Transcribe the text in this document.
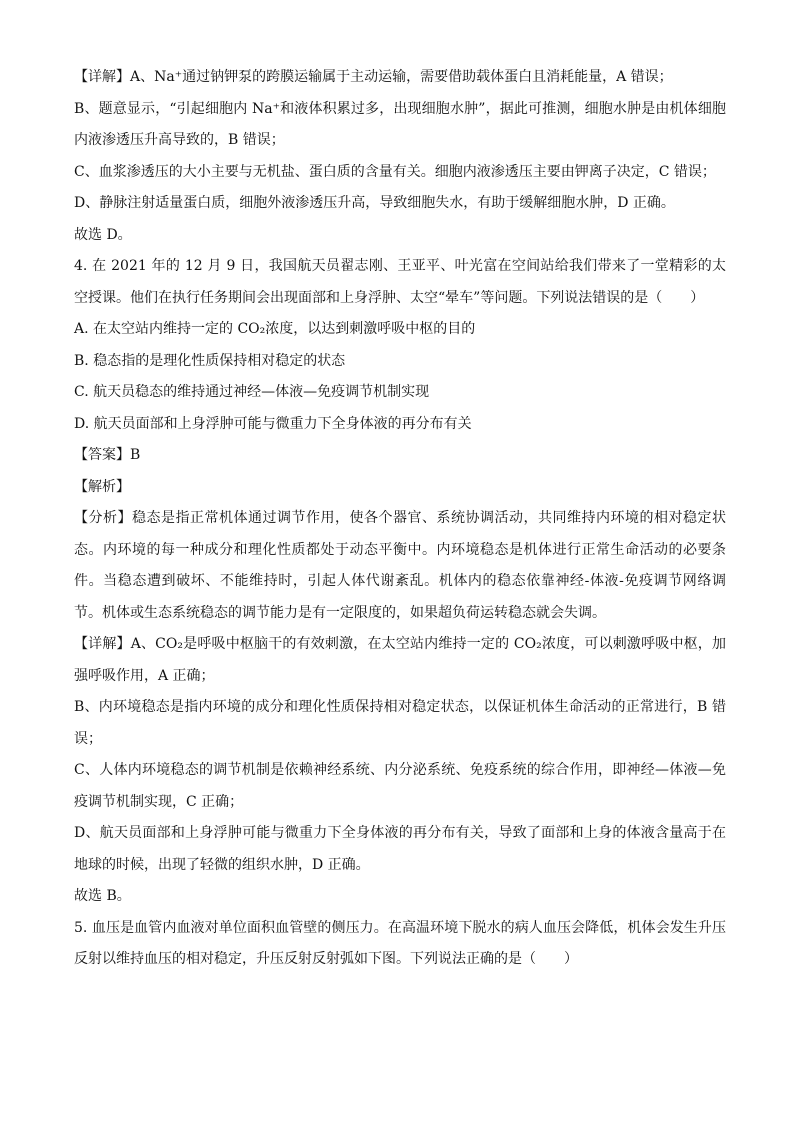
【详解】A、Na⁺通过钠钾泵的跨膜运输属于主动运输，需要借助载体蛋白且消耗能量，A 错误；

B、题意显示，“引起细胞内 Na⁺和液体积累过多，出现细胞水肿”，据此可推测，细胞水肿是由机体细胞内液渗透压升高导致的，B 错误；

C、血浆渗透压的大小主要与无机盐、蛋白质的含量有关。细胞内液渗透压主要由钾离子决定，C 错误；

D、静脉注射适量蛋白质，细胞外液渗透压升高，导致细胞失水，有助于缓解细胞水肿，D 正确。

故选 D。

4. 在 2021 年的 12 月 9 日，我国航天员翟志刚、王亚平、叶光富在空间站给我们带来了一堂精彩的太空授课。他们在执行任务期间会出现面部和上身浮肿、太空“晕车”等问题。下列说法错误的是（　　）

A. 在太空站内维持一定的 CO₂浓度，以达到刺激呼吸中枢的目的

B. 稳态指的是理化性质保持相对稳定的状态

C. 航天员稳态的维持通过神经—体液—免疫调节机制实现

D. 航天员面部和上身浮肿可能与微重力下全身体液的再分布有关

【答案】B

【解析】

【分析】稳态是指正常机体通过调节作用，使各个器官、系统协调活动，共同维持内环境的相对稳定状态。内环境的每一种成分和理化性质都处于动态平衡中。内环境稳态是机体进行正常生命活动的必要条件。当稳态遭到破坏、不能维持时，引起人体代谢紊乱。机体内的稳态依靠神经-体液-免疫调节网络调节。机体或生态系统稳态的调节能力是有一定限度的，如果超负荷运转稳态就会失调。

【详解】A、CO₂是呼吸中枢脑干的有效刺激，在太空站内维持一定的 CO₂浓度，可以刺激呼吸中枢，加强呼吸作用，A 正确；

B、内环境稳态是指内环境的成分和理化性质保持相对稳定状态，以保证机体生命活动的正常进行，B 错误；

C、人体内环境稳态的调节机制是依赖神经系统、内分泌系统、免疫系统的综合作用，即神经—体液—免疫调节机制实现，C 正确；

D、航天员面部和上身浮肿可能与微重力下全身体液的再分布有关，导致了面部和上身的体液含量高于在地球的时候，出现了轻微的组织水肿，D 正确。

故选 B。

5. 血压是血管内血液对单位面积血管壁的侧压力。在高温环境下脱水的病人血压会降低，机体会发生升压反射以维持血压的相对稳定，升压反射反射弧如下图。下列说法正确的是（　　）
